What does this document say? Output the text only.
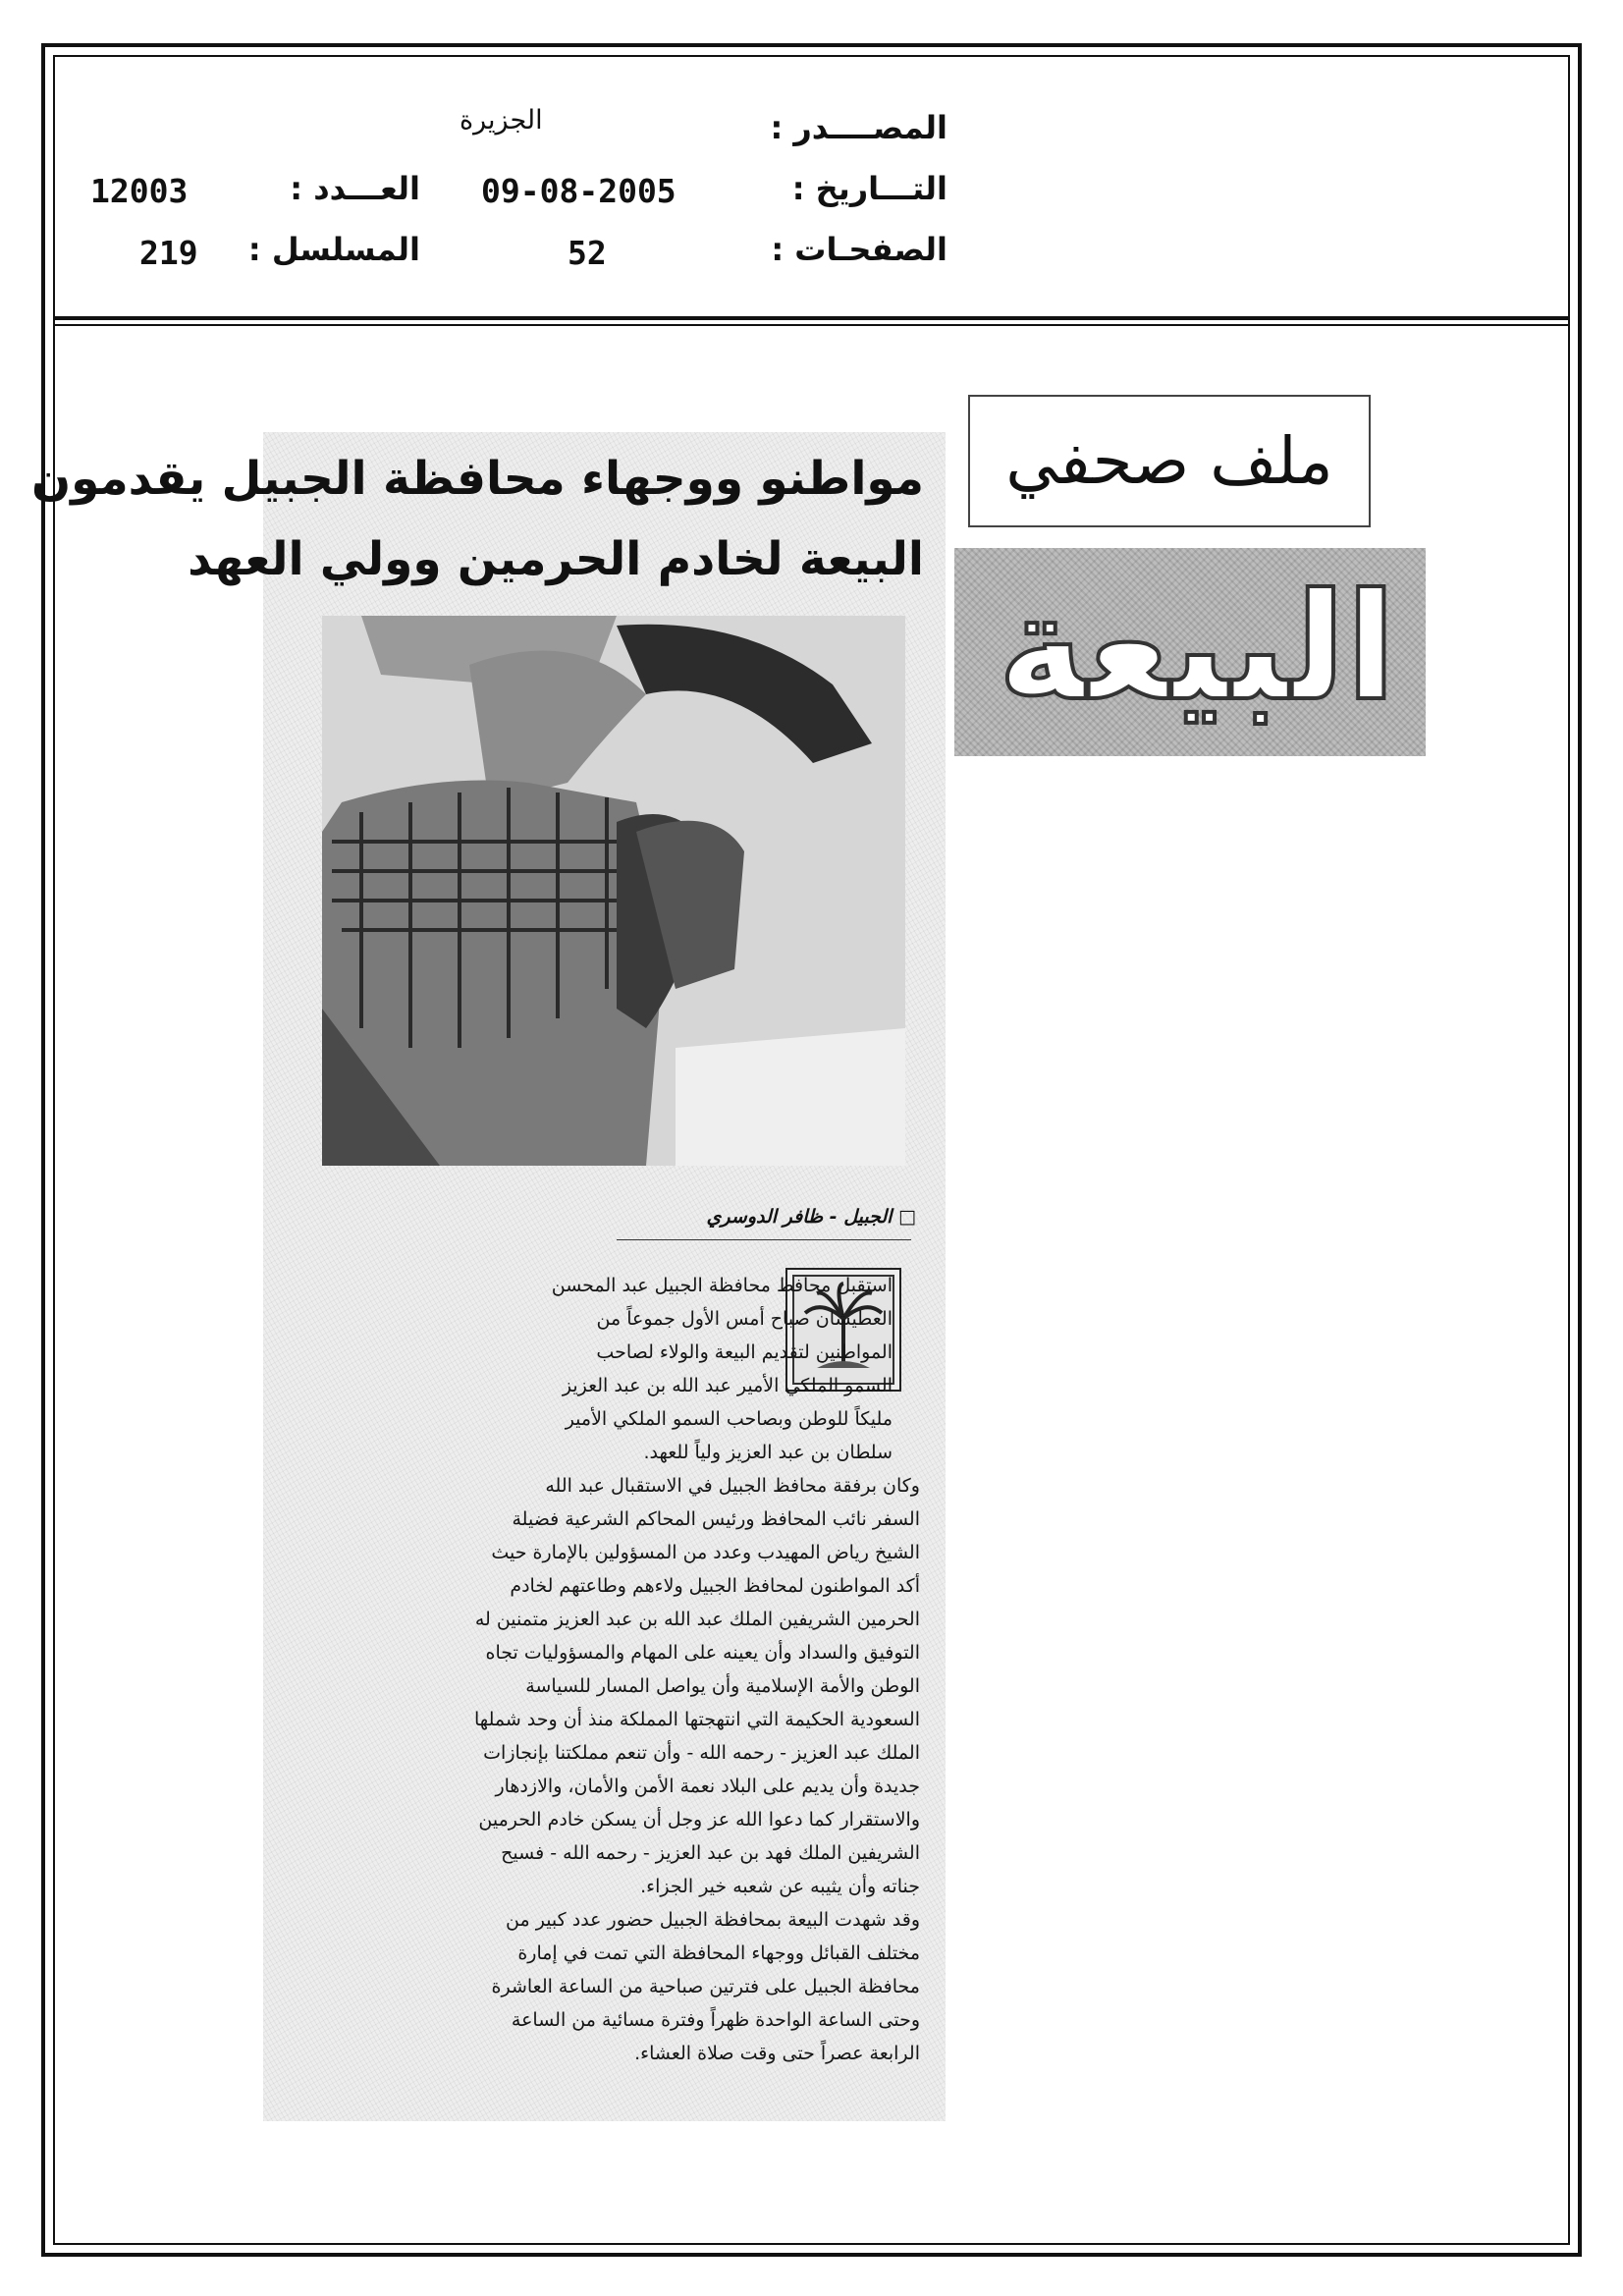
المصــــدر :
الجزيرة
التـــاريخ :
09-08-2005
العـــدد :
12003
الصفحـات :
52
المسلسل :
219
ملف صحفي
البيعة
مواطنو ووجهاء محافظة الجبيل يقدمون
البيعة لخادم الحرمين وولي العهد
□ الجبيل - ظافر الدوسري
استقبل محافظ محافظة الجبيل عبد المحسن
العطيشان صباح أمس الأول جموعاً من
المواطنين لتقديم البيعة والولاء لصاحب
السمو الملكي الأمير عبد الله بن عبد العزيز
مليكاً للوطن وبصاحب السمو الملكي الأمير
سلطان بن عبد العزيز ولياً للعهد.
وكان برفقة محافظ الجبيل في الاستقبال عبد الله
السفر نائب المحافظ ورئيس المحاكم الشرعية فضيلة
الشيخ رياض المهيدب وعدد من المسؤولين بالإمارة حيث
أكد المواطنون لمحافظ الجبيل ولاءهم وطاعتهم لخادم
الحرمين الشريفين الملك عبد الله بن عبد العزيز متمنين له
التوفيق والسداد وأن يعينه على المهام والمسؤوليات تجاه
الوطن والأمة الإسلامية وأن يواصل المسار للسياسة
السعودية الحكيمة التي انتهجتها المملكة منذ أن وحد شملها
الملك عبد العزيز - رحمه الله - وأن تنعم مملكتنا بإنجازات
جديدة وأن يديم على البلاد نعمة الأمن والأمان، والازدهار
والاستقرار كما دعوا الله عز وجل أن يسكن خادم الحرمين
الشريفين الملك فهد بن عبد العزيز - رحمه الله - فسيح
جناته وأن يثيبه عن شعبه خير الجزاء.
وقد شهدت البيعة بمحافظة الجبيل حضور عدد كبير من
مختلف القبائل ووجهاء المحافظة التي تمت في إمارة
محافظة الجبيل على فترتين صباحية من الساعة العاشرة
وحتى الساعة الواحدة ظهراً وفترة مسائية من الساعة
الرابعة عصراً حتى وقت صلاة العشاء.
